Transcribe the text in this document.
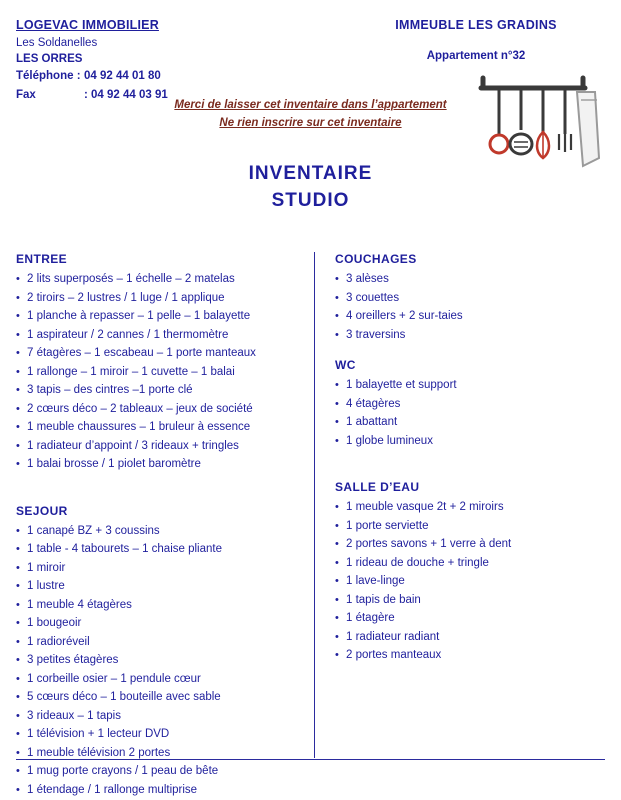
LOGEVAC IMMOBILIER
Les Soldanelles
LES ORRES
Téléphone : 04 92 44 01 80
Fax	: 04 92 44 03 91
IMMEUBLE LES GRADINS
Appartement n°32
Merci de laisser cet inventaire dans l’appartement
Ne rien inscrire sur cet inventaire
INVENTAIRE
STUDIO
ENTREE
• 2 lits superposés – 1 échelle – 2 matelas
• 2 tiroirs – 2 lustres / 1 luge / 1 applique
• 1 planche à repasser – 1 pelle – 1 balayette
• 1 aspirateur / 2 cannes / 1 thermomètre
• 7 étagères – 1 escabeau – 1 porte manteaux
• 1 rallonge – 1 miroir – 1 cuvette – 1 balai
• 3 tapis – des cintres –1 porte clé
• 2 cœurs déco – 2 tableaux – jeux de société
• 1 meuble chaussures – 1 bruleur à essence
• 1 radiateur d’appoint / 3 rideaux + tringles
• 1 balai brosse / 1 piolet baromètre
SEJOUR
• 1 canapé BZ + 3 coussins
• 1 table - 4 tabourets – 1 chaise pliante
• 1 miroir
• 1 lustre
• 1 meuble 4 étagères
• 1 bougeoir
• 1 radioréveil
• 3 petites étagères
• 1 corbeille osier – 1 pendule cœur
• 5 cœurs déco – 1 bouteille avec sable
• 3 rideaux – 1 tapis
• 1 télévision + 1 lecteur DVD
• 1 meuble télévision 2 portes
• 1 mug porte crayons / 1 peau de bête
• 1 étendage / 1 rallonge multiprise
COUCHAGES
• 3 alèses
• 3 couettes
• 4 oreillers + 2 sur-taies
• 3 traversins
WC
• 1 balayette et support
• 4 étagères
• 1 abattant
• 1 globe lumineux
SALLE D’EAU
• 1 meuble vasque 2t + 2 miroirs
• 1 porte serviette
• 2 portes savons + 1 verre à dent
• 1 rideau de douche + tringle
• 1 lave-linge
• 1 tapis de bain
• 1 étagère
• 1 radiateur radiant
• 2 portes manteaux
